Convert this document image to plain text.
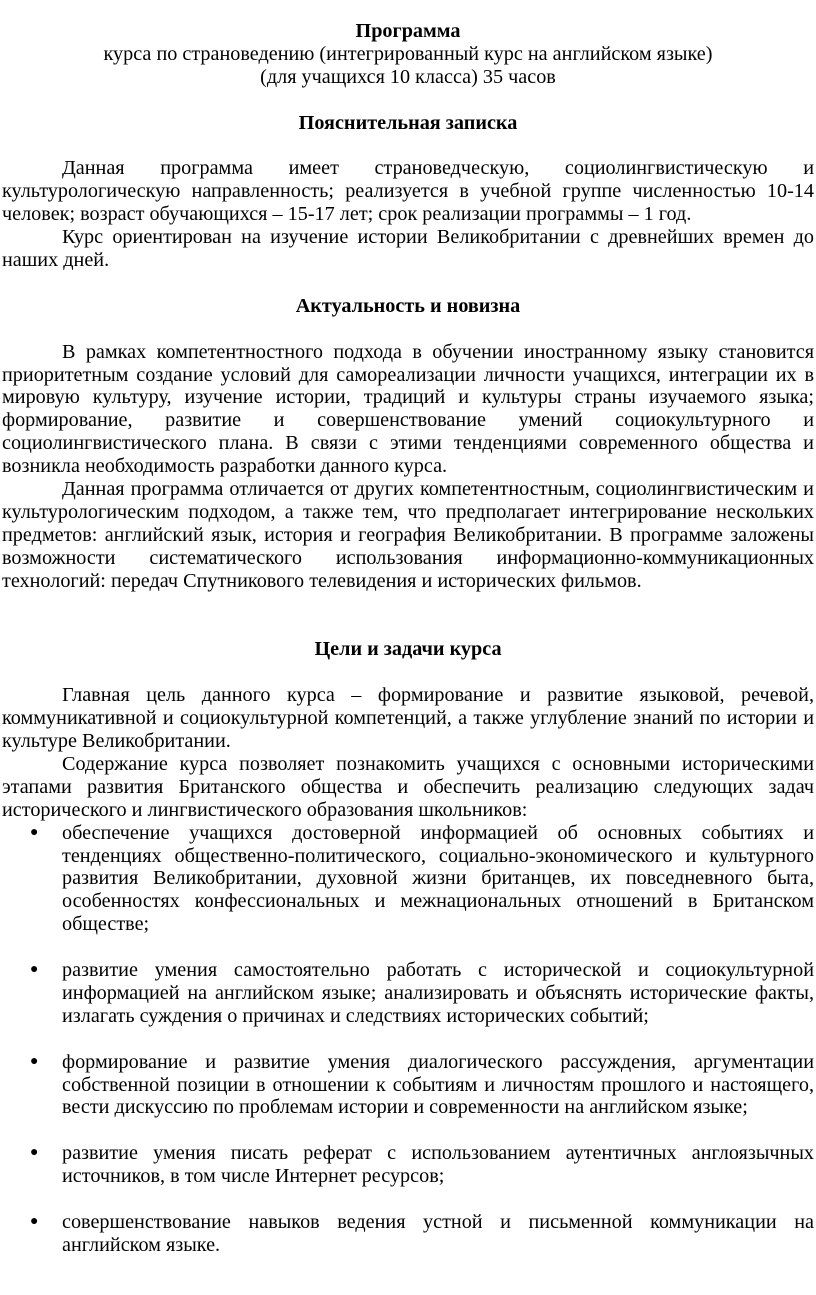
Программа

курса по страноведению (интегрированный курс на английском языке)

(для учащихся 10 класса) 35 часов

Пояснительная записка

Данная программа имеет страноведческую, социолингвистическую и культурологическую направленность; реализуется в учебной группе численностью 10-14 человек; возраст обучающихся – 15-17 лет; срок реализации программы – 1 год.

Курс ориентирован на изучение истории Великобритании с древнейших времен до наших дней.

Актуальность и новизна

В рамках компетентностного подхода в обучении иностранному языку становится приоритетным создание условий для самореализации личности учащихся, интеграции их в мировую культуру, изучение истории, традиций и культуры страны изучаемого языка; формирование, развитие и совершенствование умений социокультурного и социолингвистического плана. В связи с этими тенденциями современного общества и возникла необходимость разработки данного курса.

Данная программа отличается от других компетентностным, социолингвистическим и культурологическим подходом, а также тем, что предполагает интегрирование нескольких предметов: английский язык, история и география Великобритании. В программе заложены возможности систематического использования информационно-коммуникационных технологий: передач Спутникового телевидения и исторических фильмов.

Цели и задачи курса

Главная цель данного курса – формирование и развитие языковой, речевой, коммуникативной и социокультурной компетенций, а также углубление знаний по истории и культуре Великобритании.

Содержание курса позволяет познакомить учащихся с основными историческими этапами развития Британского общества и обеспечить реализацию следующих задач исторического и лингвистического образования школьников:

● обеспечение учащихся достоверной информацией об основных событиях и тенденциях общественно-политического, социально-экономического и культурного развития Великобритании, духовной жизни британцев, их повседневного быта, особенностях конфессиональных и межнациональных отношений в Британском обществе;
● развитие умения самостоятельно работать с исторической и социокультурной информацией на английском языке; анализировать и объяснять исторические факты, излагать суждения о причинах и следствиях исторических событий;
● формирование и развитие умения диалогического рассуждения, аргументации собственной позиции в отношении к событиям и личностям прошлого и настоящего, вести дискуссию по проблемам истории и современности на английском языке;
● развитие умения писать реферат с использованием аутентичных англоязычных источников, в том числе Интернет ресурсов;
● совершенствование навыков ведения устной и письменной коммуникации на английском языке.
